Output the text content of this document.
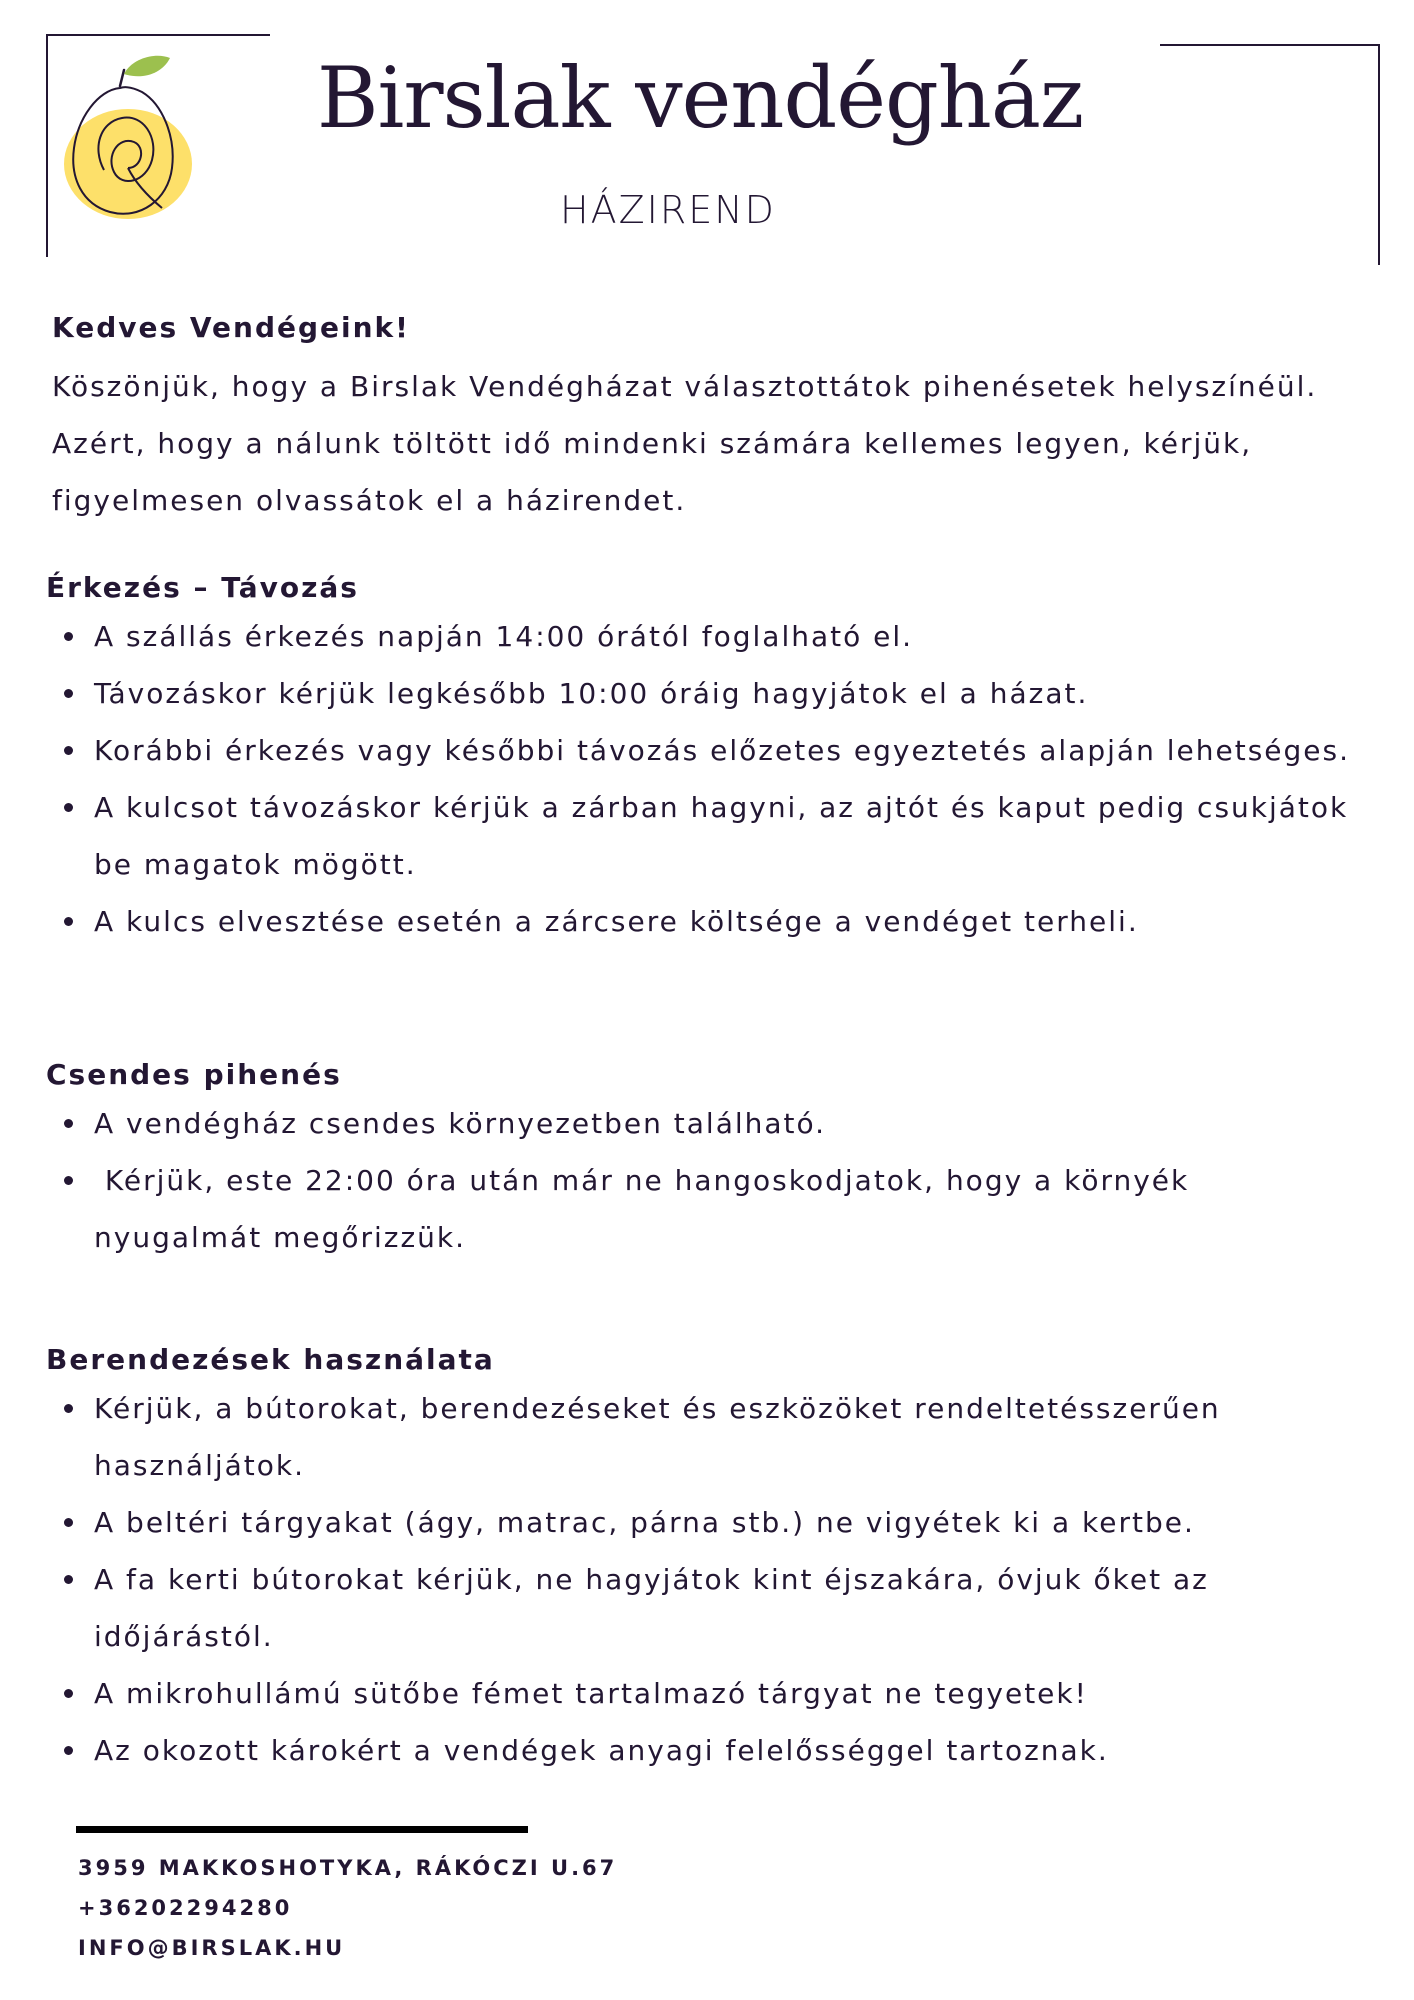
Birslak vendégház
HÁZIREND
Kedves Vendégeink!
Köszönjük, hogy a Birslak Vendégházat választottátok pihenésetek helyszínéül. Azért, hogy a nálunk töltött idő mindenki számára kellemes legyen, kérjük, figyelmesen olvassátok el a házirendet.
Érkezés – Távozás
A szállás érkezés napján 14:00 órától foglalható el.
Távozáskor kérjük legkésőbb 10:00 óráig hagyjátok el a házat.
Korábbi érkezés vagy későbbi távozás előzetes egyeztetés alapján lehetséges.
A kulcsot távozáskor kérjük a zárban hagyni, az ajtót és kaput pedig csukjátok be magatok mögött.
A kulcs elvesztése esetén a zárcsere költsége a vendéget terheli.
Csendes pihenés
A vendégház csendes környezetben található.
Kérjük, este 22:00 óra után már ne hangoskodjatok, hogy a környék nyugalmát megőrizzük.
Berendezések használata
Kérjük, a bútorokat, berendezéseket és eszközöket rendeltetésszerűen használjátok.
A beltéri tárgyakat (ágy, matrac, párna stb.) ne vigyétek ki a kertbe.
A fa kerti bútorokat kérjük, ne hagyjátok kint éjszakára, óvjuk őket az időjárástól.
A mikrohullámú sütőbe fémet tartalmazó tárgyat ne tegyetek!
Az okozott károkért a vendégek anyagi felelősséggel tartoznak.
3959 MAKKOSHOTYKA, RÁKÓCZI U.67
+36202294280
INFO@BIRSLAK.HU
